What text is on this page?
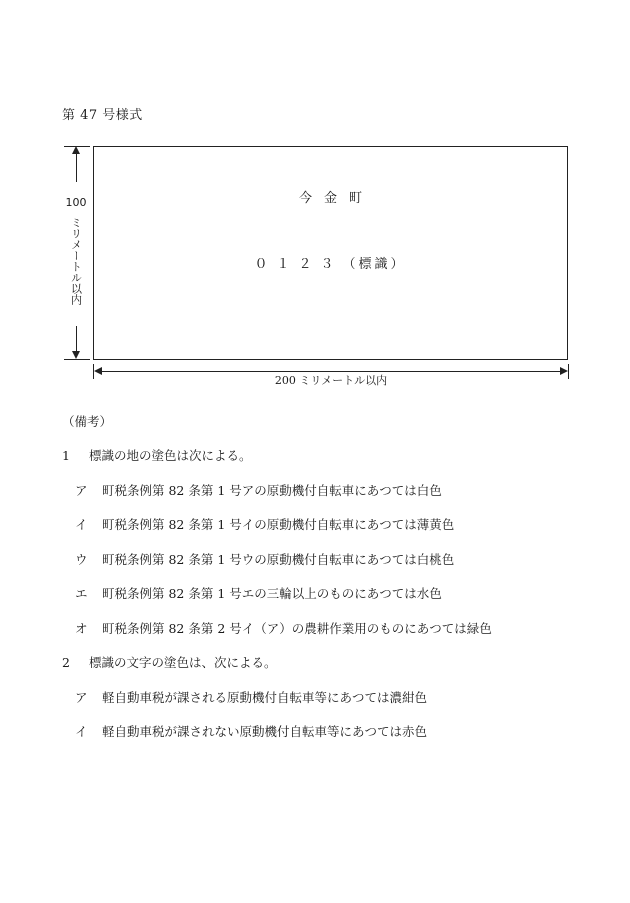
第 47 号様式
今金町
０１２３（標識）
100
ミリメートル以内
200 ミリメートル以内
（備考）
1 標識の地の塗色は次による。
ア 町税条例第 82 条第 1 号アの原動機付自転車にあつては白色
イ 町税条例第 82 条第 1 号イの原動機付自転車にあつては薄黄色
ウ 町税条例第 82 条第 1 号ウの原動機付自転車にあつては白桃色
エ 町税条例第 82 条第 1 号エの三輪以上のものにあつては水色
オ 町税条例第 82 条第 2 号イ（ア）の農耕作業用のものにあつては緑色
2 標識の文字の塗色は、次による。
ア 軽自動車税が課される原動機付自転車等にあつては濃紺色
イ 軽自動車税が課されない原動機付自転車等にあつては赤色
